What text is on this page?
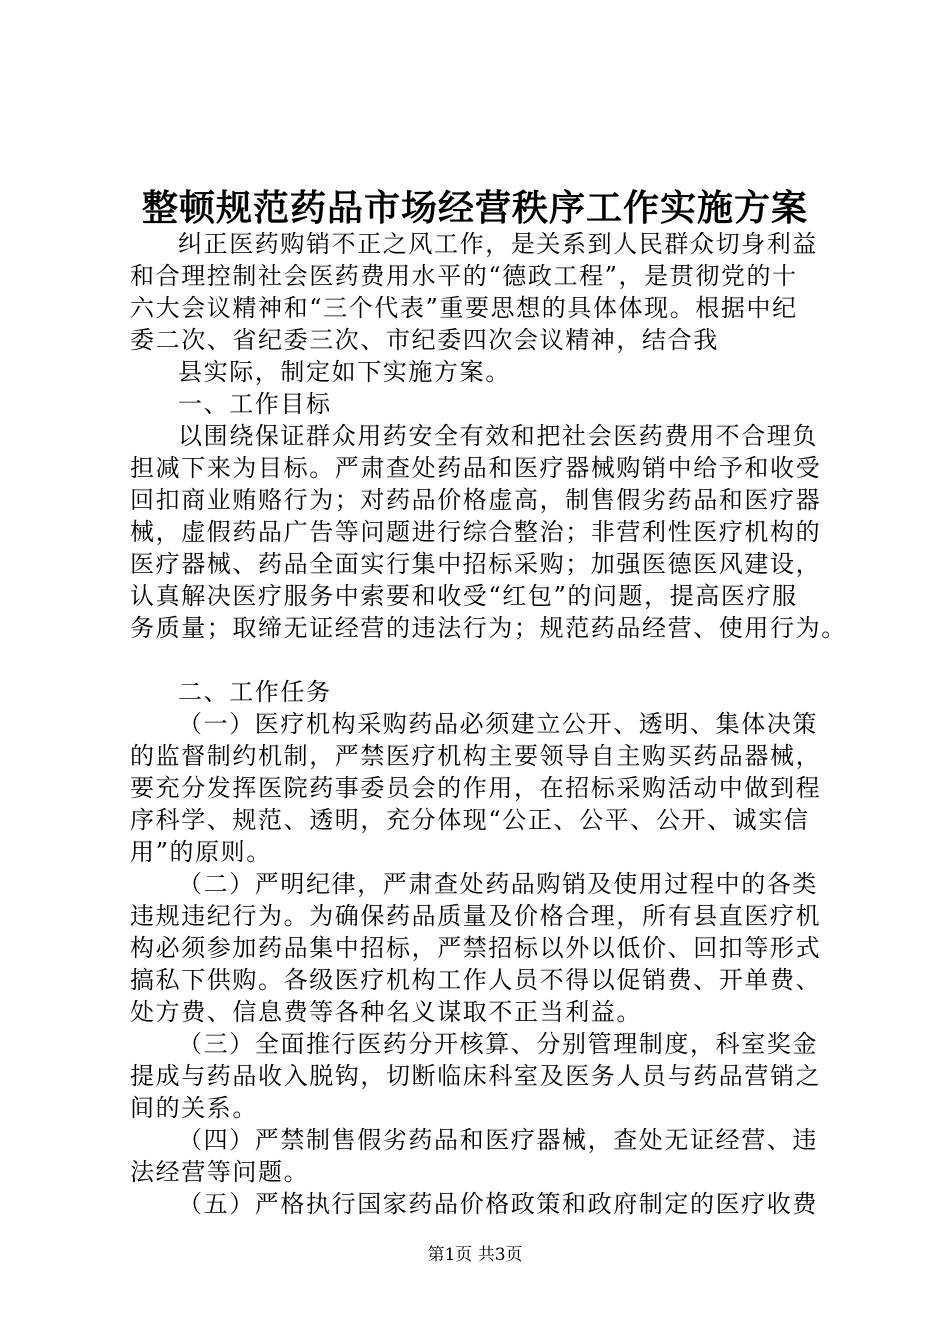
整顿规范药品市场经营秩序工作实施方案
纠正医药购销不正之风工作，是关系到人民群众切身利益
和合理控制社会医药费用水平的“德政工程”，是贯彻党的十
六大会议精神和“三个代表”重要思想的具体体现。根据中纪
委二次、省纪委三次、市纪委四次会议精神，结合我
县实际，制定如下实施方案。
一、工作目标
以围绕保证群众用药安全有效和把社会医药费用不合理负
担减下来为目标。严肃查处药品和医疗器械购销中给予和收受
回扣商业贿赂行为；对药品价格虚高，制售假劣药品和医疗器
械，虚假药品广告等问题进行综合整治；非营利性医疗机构的
医疗器械、药品全面实行集中招标采购；加强医德医风建设，
认真解决医疗服务中索要和收受“红包”的问题，提高医疗服
务质量；取缔无证经营的违法行为；规范药品经营、使用行为。
二、工作任务
（一）医疗机构采购药品必须建立公开、透明、集体决策
的监督制约机制，严禁医疗机构主要领导自主购买药品器械，
要充分发挥医院药事委员会的作用，在招标采购活动中做到程
序科学、规范、透明，充分体现“公正、公平、公开、诚实信
用”的原则。
（二）严明纪律，严肃查处药品购销及使用过程中的各类
违规违纪行为。为确保药品质量及价格合理，所有县直医疗机
构必须参加药品集中招标，严禁招标以外以低价、回扣等形式
搞私下供购。各级医疗机构工作人员不得以促销费、开单费、
处方费、信息费等各种名义谋取不正当利益。
（三）全面推行医药分开核算、分别管理制度，科室奖金
提成与药品收入脱钩，切断临床科室及医务人员与药品营销之
间的关系。
（四）严禁制售假劣药品和医疗器械，查处无证经营、违
法经营等问题。
（五）严格执行国家药品价格政策和政府制定的医疗收费
第1页 共3页
